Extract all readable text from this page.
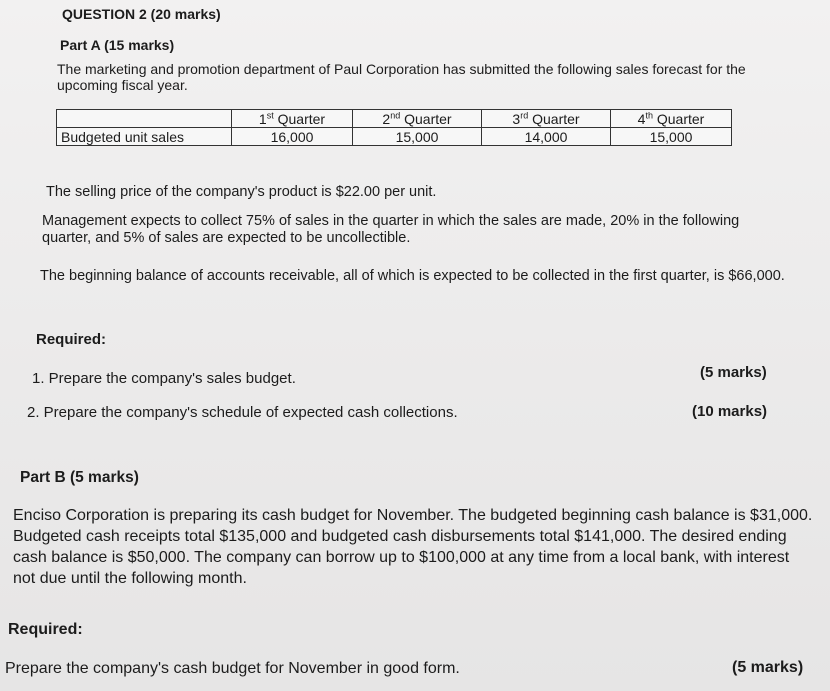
QUESTION 2 (20 marks)
Part A (15 marks)
The marketing and promotion department of Paul Corporation has submitted the following sales forecast for the upcoming fiscal year.
	1st Quarter	2nd Quarter	3rd Quarter	4th Quarter
Budgeted unit sales	16,000	15,000	14,000	15,000
The selling price of the company's product is $22.00 per unit.
Management expects to collect 75% of sales in the quarter in which the sales are made, 20% in the following quarter, and 5% of sales are expected to be uncollectible.
The beginning balance of accounts receivable, all of which is expected to be collected in the first quarter, is $66,000.
Required:
1. Prepare the company's sales budget.	(5 marks)
2. Prepare the company's schedule of expected cash collections.	(10 marks)
Part B (5 marks)
Enciso Corporation is preparing its cash budget for November. The budgeted beginning cash balance is $31,000. Budgeted cash receipts total $135,000 and budgeted cash disbursements total $141,000. The desired ending cash balance is $50,000. The company can borrow up to $100,000 at any time from a local bank, with interest not due until the following month.
Required:
Prepare the company's cash budget for November in good form.	(5 marks)
